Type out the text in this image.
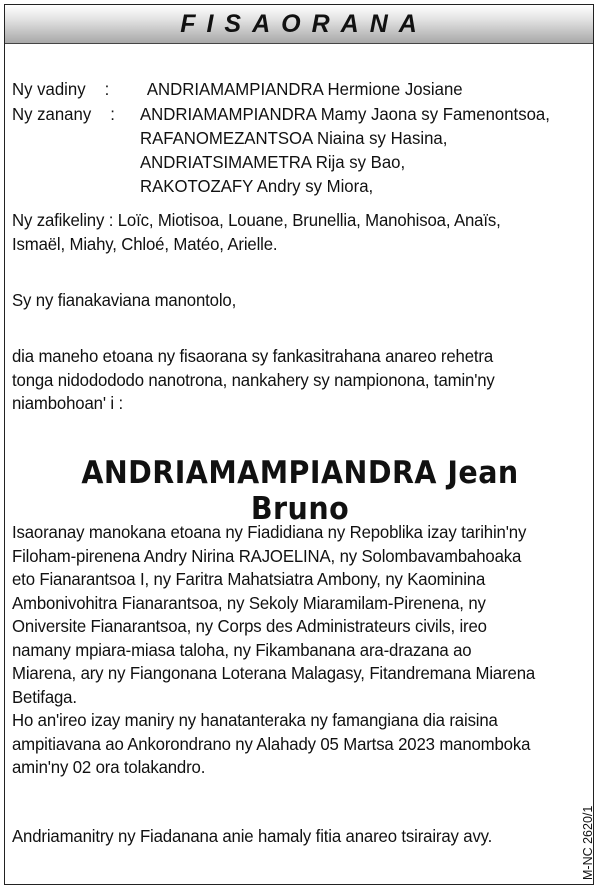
FISAORANA
Ny vadiny : ANDRIAMAMPIANDRA Hermione Josiane
Ny zanany : ANDRIAMAMPIANDRA Mamy Jaona sy Famenontsoa,
RAFANOMEZANTSOA Niaina sy Hasina,
ANDRIATSIMAMETRA Rija sy Bao,
RAKOTOZAFY Andry sy Miora,
Ny zafikeliny : Loïc, Miotisoa, Louane, Brunellia, Manohisoa, Anaïs,
Ismaël, Miahy, Chloé, Matéo, Arielle.
Sy ny fianakaviana manontolo,
dia maneho etoana ny fisaorana sy fankasitrahana anareo rehetra
tonga nidodododo nanotrona, nankahery sy nampionona, tamin'ny
niambohoan' i :
ANDRIAMAMPIANDRA Jean Bruno
Isaoranay manokana etoana ny Fiadidiana ny Repoblika izay tarihin'ny
Filoham-pirenena Andry Nirina RAJOELINA, ny Solombavambahoaka
eto Fianarantsoa I, ny Faritra Mahatsiatra Ambony, ny Kaominina
Ambonivohitra Fianarantsoa, ny Sekoly Miaramilam-Pirenena, ny
Oniversite Fianarantsoa, ny Corps des Administrateurs civils, ireo
namany mpiara-miasa taloha, ny Fikambanana ara-drazana ao
Miarena, ary ny Fiangonana Loterana Malagasy, Fitandremana Miarena
Betifaga.
Ho an'ireo izay maniry ny hanatanteraka ny famangiana dia raisina
ampitiavana ao Ankorondrano ny Alahady 05 Martsa 2023 manomboka
amin'ny 02 ora tolakandro.
Andriamanitry ny Fiadanana anie hamaly fitia anareo tsirairay avy.	M-NC 2620/1
